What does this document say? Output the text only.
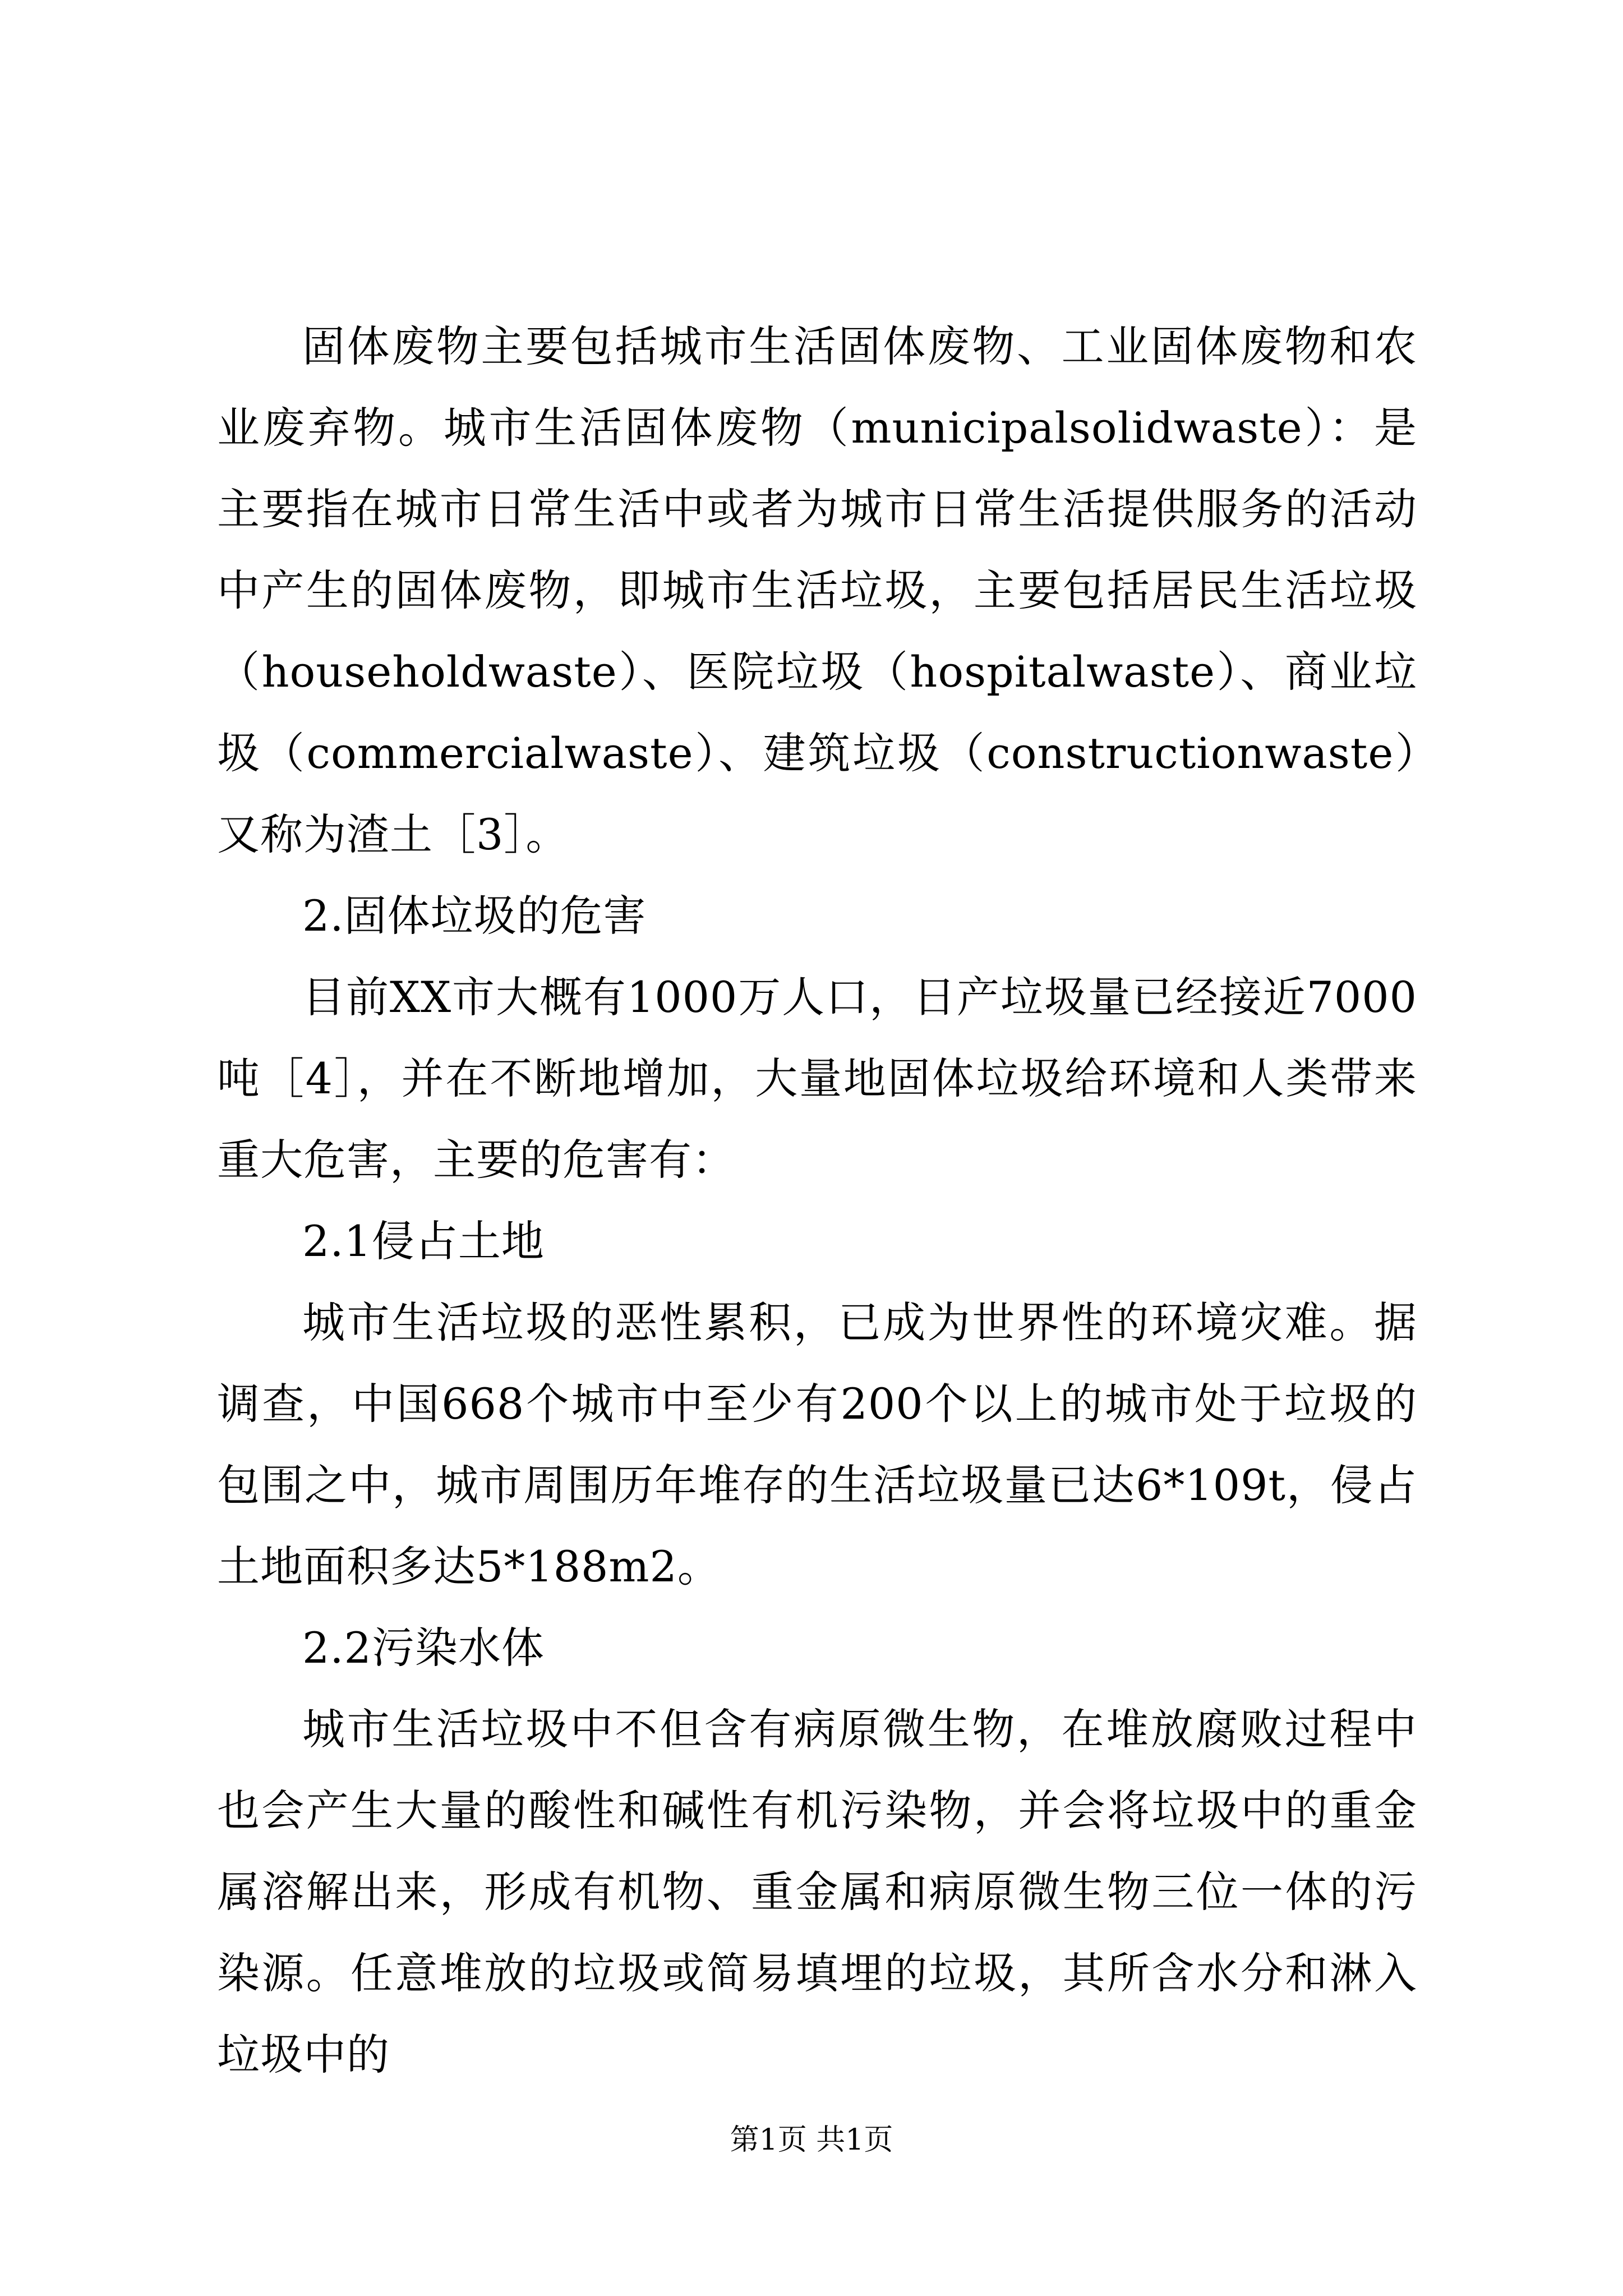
固体废物主要包括城市生活固体废物、工业固体废物和农业废弃物。城市生活固体废物（municipalsolidwaste）：是主要指在城市日常生活中或者为城市日常生活提供服务的活动中产生的固体废物，即城市生活垃圾，主要包括居民生活垃圾（householdwaste）、医院垃圾（hospitalwaste）、商业垃圾（commercialwaste）、建筑垃圾（constructionwaste）又称为渣土［3］。

2.固体垃圾的危害

目前XX市大概有1000万人口，日产垃圾量已经接近7000吨［4］，并在不断地增加，大量地固体垃圾给环境和人类带来重大危害，主要的危害有：

2.1侵占土地

城市生活垃圾的恶性累积，已成为世界性的环境灾难。据调查，中国668个城市中至少有200个以上的城市处于垃圾的包围之中，城市周围历年堆存的生活垃圾量已达6*109t，侵占土地面积多达5*188m2。

2.2污染水体

城市生活垃圾中不但含有病原微生物，在堆放腐败过程中也会产生大量的酸性和碱性有机污染物，并会将垃圾中的重金属溶解出来，形成有机物、重金属和病原微生物三位一体的污染源。任意堆放的垃圾或简易填埋的垃圾，其所含水分和淋入垃圾中的

第1页 共1页
